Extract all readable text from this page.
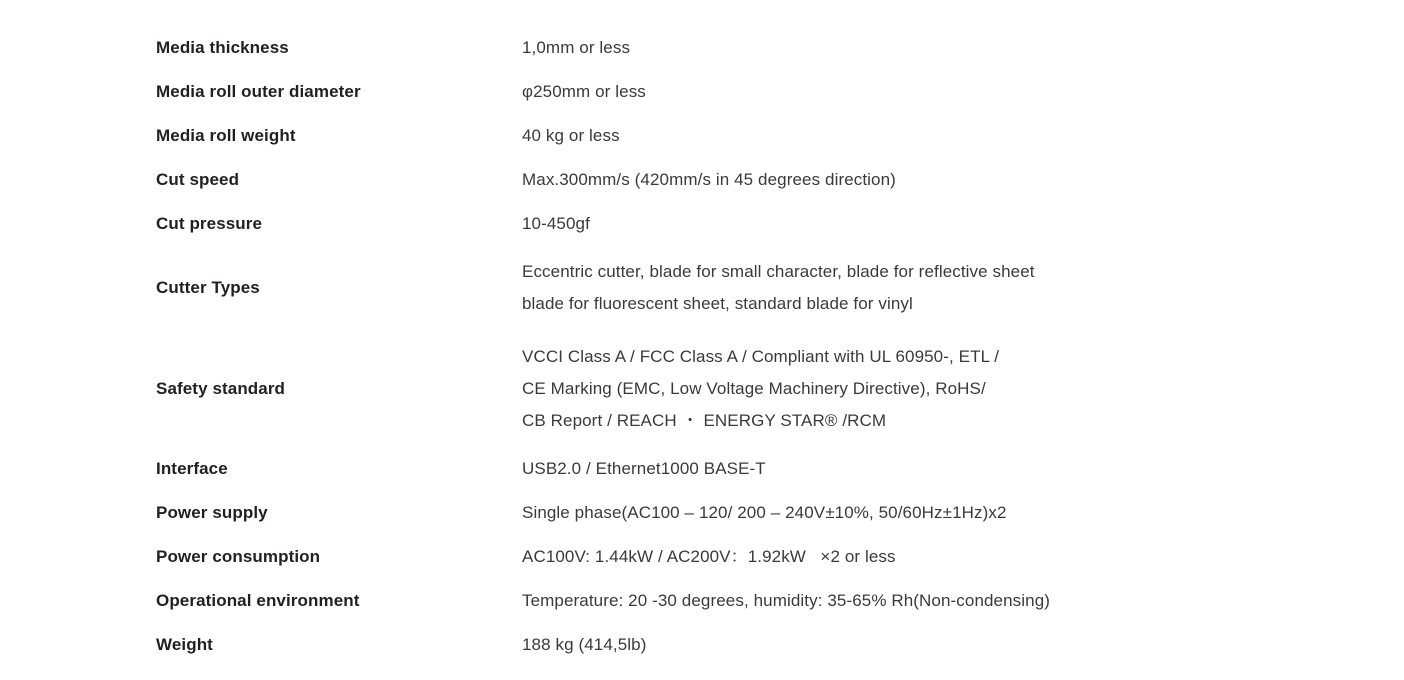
	Media thickness	1,0mm or less

	Media roll outer diameter	φ250mm or less

	Media roll weight	40 kg or less

	Cut speed	Max.300mm/s (420mm/s in 45 degrees direction)

	Cut pressure	10-450gf

	Cutter Types	Eccentric cutter, blade for small character, blade for reflective sheet
blade for fluorescent sheet, standard blade for vinyl

	Safety standard	VCCI Class A / FCC Class A / Compliant with UL 60950-, ETL /
CE Marking (EMC, Low Voltage Machinery Directive), RoHS/
CB Report / REACH ・ ENERGY STAR® /RCM

	Interface	USB2.0 / Ethernet1000 BASE-T

	Power supply	Single phase(AC100 – 120/ 200 – 240V±10%, 50/60Hz±1Hz)x2

	Power consumption	AC100V: 1.44kW / AC200V：1.92kW   ×2 or less

	Operational environment	Temperature: 20 -30 degrees, humidity: 35-65% Rh(Non-condensing)

	Weight	188 kg (414,5lb)
